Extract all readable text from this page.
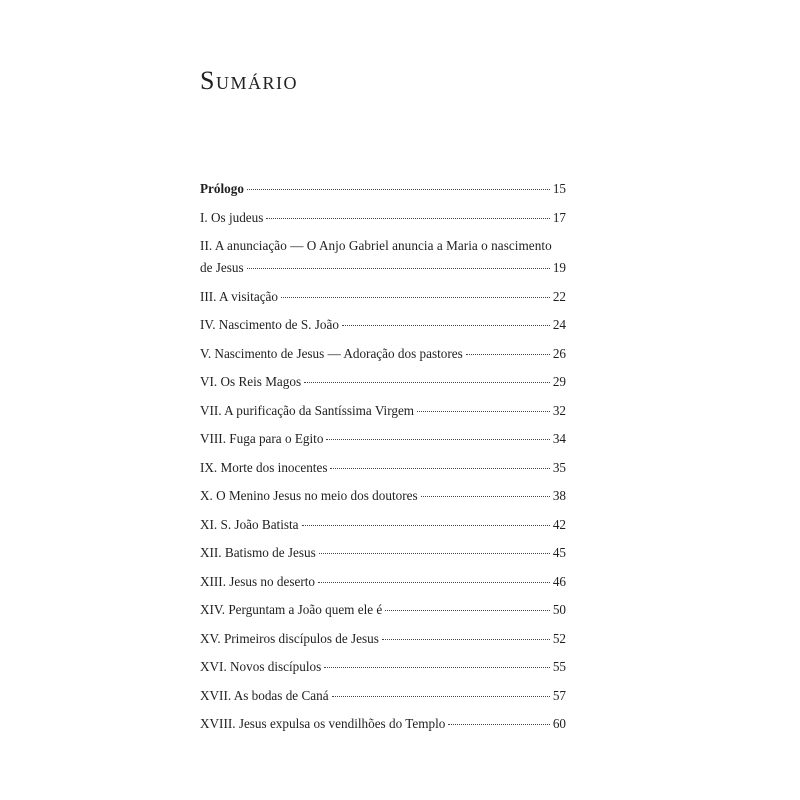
Sumário
Prólogo	15
I. Os judeus	17
II. A anunciação — O Anjo Gabriel anuncia a Maria o nascimento
de Jesus	19
III. A visitação	22
IV. Nascimento de S. João	24
V. Nascimento de Jesus — Adoração dos pastores	26
VI. Os Reis Magos	29
VII. A purificação da Santíssima Virgem	32
VIII. Fuga para o Egito	34
IX. Morte dos inocentes	35
X. O Menino Jesus no meio dos doutores	38
XI. S. João Batista	42
XII. Batismo de Jesus	45
XIII. Jesus no deserto	46
XIV. Perguntam a João quem ele é	50
XV. Primeiros discípulos de Jesus	52
XVI. Novos discípulos	55
XVII. As bodas de Caná	57
XVIII. Jesus expulsa os vendilhões do Templo	60
